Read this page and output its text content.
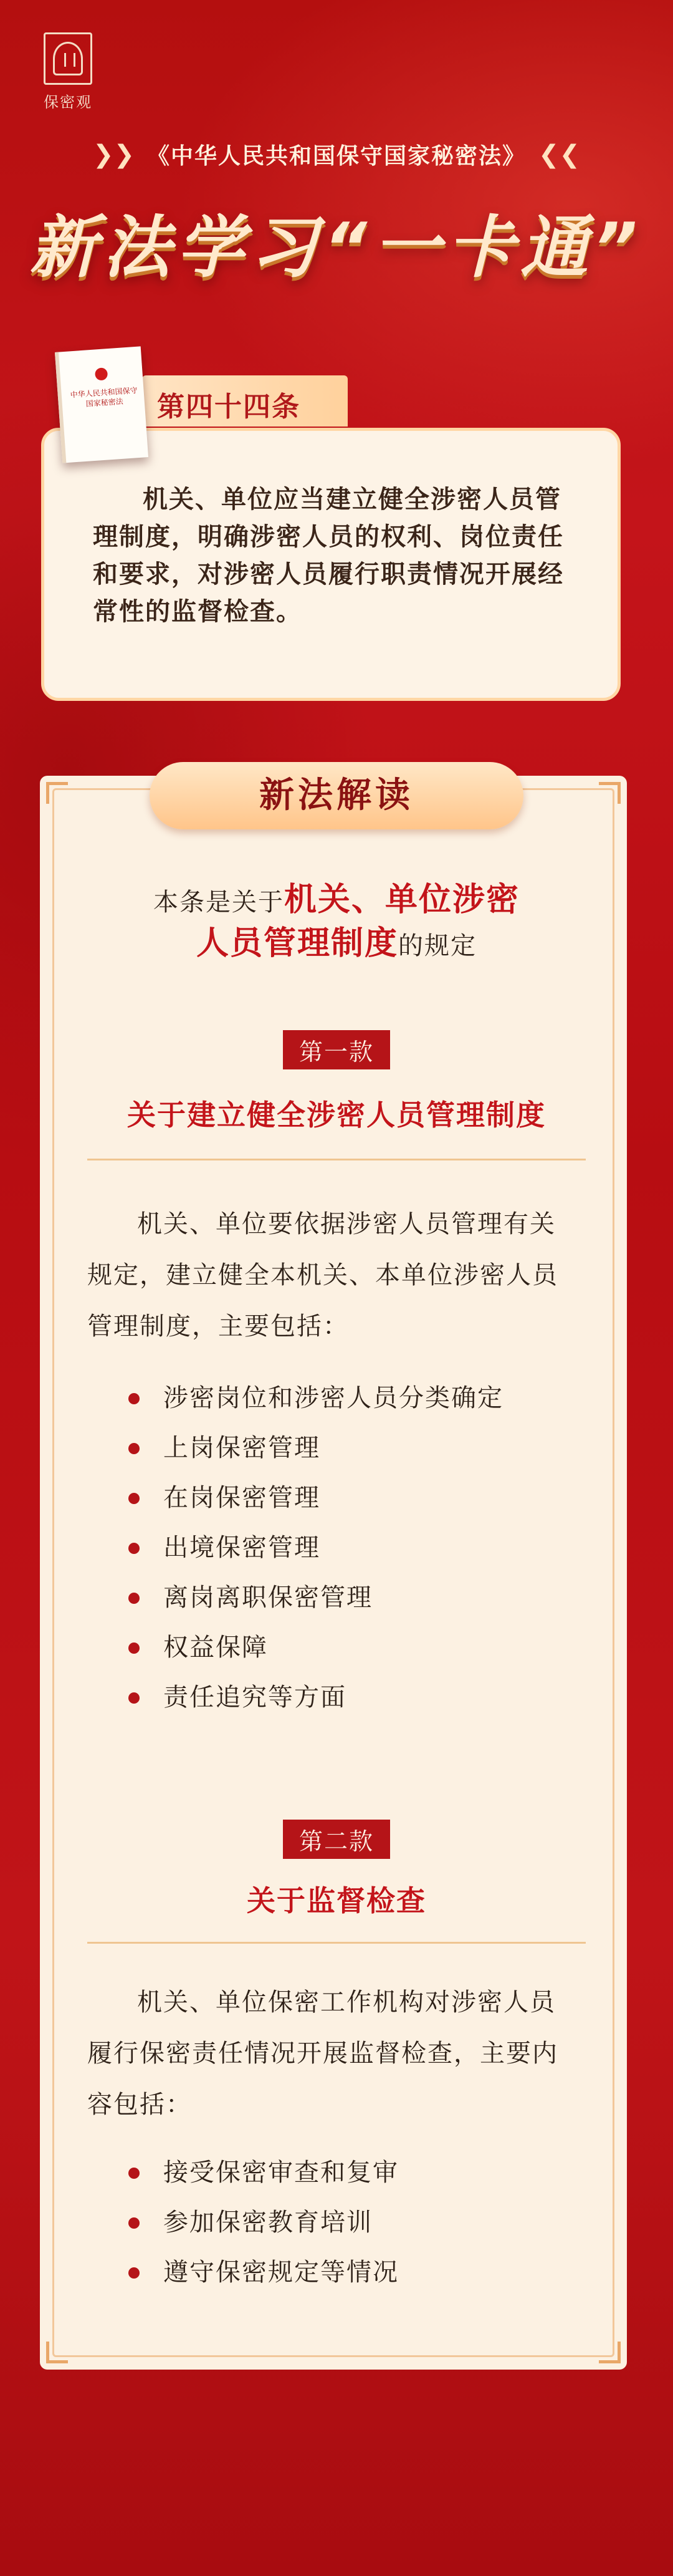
保密观
❯❯ 《中华人民共和国保守国家秘密法》 ❮❮
新法学习“一卡通”
第四十四条
机关、单位应当建立健全涉密人员管理制度，明确涉密人员的权利、岗位责任和要求，对涉密人员履行职责情况开展经常性的监督检查。
中华人民共和国保守国家秘密法
新法解读
本条是关于机关、单位涉密
人员管理制度的规定
第一款
关于建立健全涉密人员管理制度
机关、单位要依据涉密人员管理有关规定，建立健全本机关、本单位涉密人员管理制度，主要包括：
涉密岗位和涉密人员分类确定
上岗保密管理
在岗保密管理
出境保密管理
离岗离职保密管理
权益保障
责任追究等方面
第二款
关于监督检查
机关、单位保密工作机构对涉密人员履行保密责任情况开展监督检查，主要内容包括：
接受保密审查和复审
参加保密教育培训
遵守保密规定等情况
